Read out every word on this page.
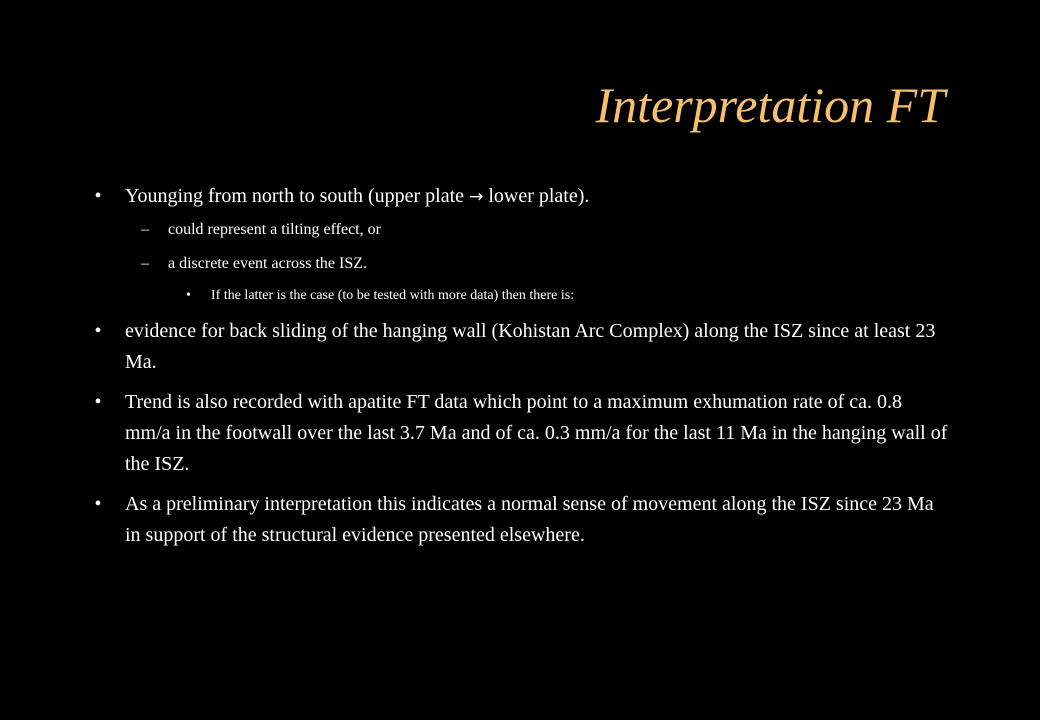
Interpretation FT
•	Younging from north to south (upper plate → lower plate).
– could represent a tilting effect, or
– a discrete event across the ISZ.
• If the latter is the case (to be tested with more data) then there is:
•	evidence for back sliding of the hanging wall (Kohistan Arc Complex) along the ISZ since at least 23 Ma.
•	Trend is also recorded with apatite FT data which point to a maximum exhumation rate of ca. 0.8 mm/a in the footwall over the last 3.7 Ma and of ca. 0.3 mm/a for the last 11 Ma in the hanging wall of the ISZ.
•	As a preliminary interpretation this indicates a normal sense of movement along the ISZ since 23 Ma in support of the structural evidence presented elsewhere.
